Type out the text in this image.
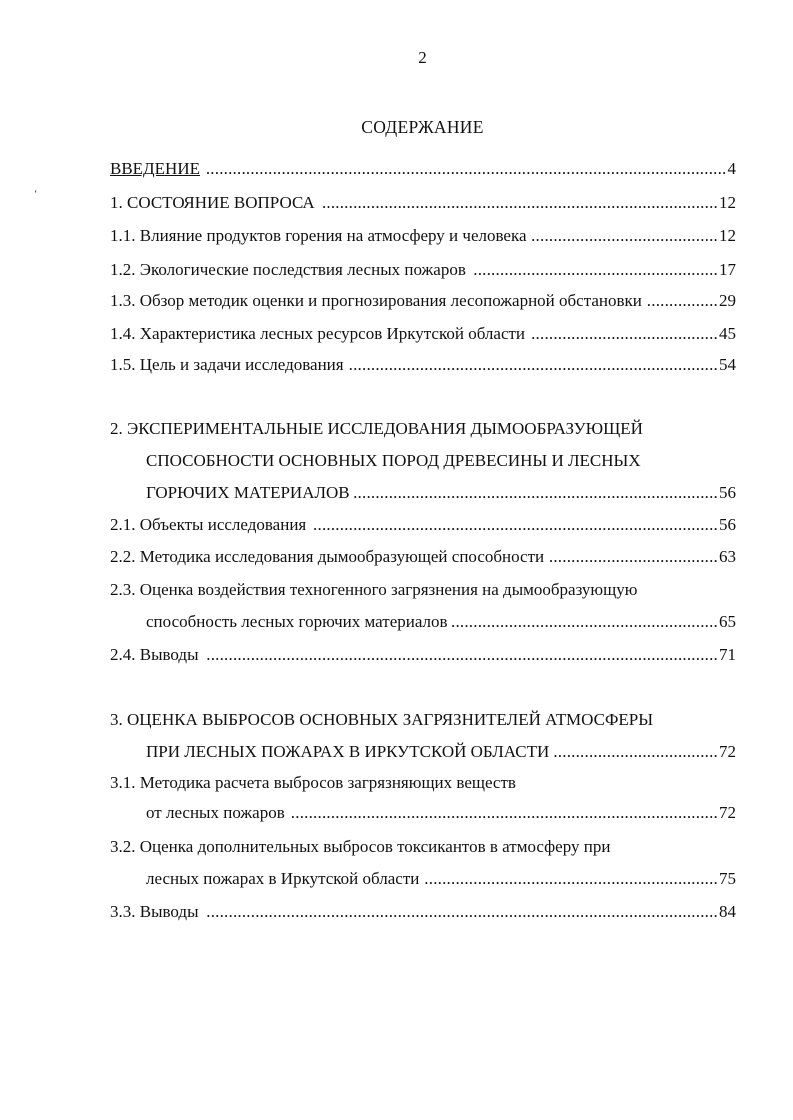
2
СОДЕРЖАНИЕ
‘
ВВЕДЕНИЕ	4
.....................................................................................................................
1. СОСТОЯНИЕ ВОПРОСА	12
.........................................................................................
1.1. Влияние продуктов горения на атмосферу и человека	12
..........................................
1.2. Экологические последствия лесных пожаров	17
.......................................................
1.3. Обзор методик оценки и прогнозирования лесопожарной обстановки	29
................
1.4. Характеристика лесных ресурсов Иркутской области	45
..........................................
1.5. Цель и задачи исследования	54
...................................................................................
2. ЭКСПЕРИМЕНТАЛЬНЫЕ ИССЛЕДОВАНИЯ ДЫМООБРАЗУЮЩЕЙ
СПОСОБНОСТИ ОСНОВНЫХ ПОРОД ДРЕВЕСИНЫ И ЛЕСНЫХ
ГОРЮЧИХ МАТЕРИАЛОВ	56
..................................................................................
2.1. Объекты исследования	56
...........................................................................................
2.2. Методика исследования дымообразующей способности	63
......................................
2.3. Оценка воздействия техногенного загрязнения на дымообразующую
способность лесных горючих материалов	65
............................................................
2.4. Выводы	71
...................................................................................................................
3. ОЦЕНКА ВЫБРОСОВ ОСНОВНЫХ ЗАГРЯЗНИТЕЛЕЙ АТМОСФЕРЫ
ПРИ ЛЕСНЫХ ПОЖАРАХ В ИРКУТСКОЙ ОБЛАСТИ	72
.....................................
3.1. Методика расчета выбросов загрязняющих веществ
от лесных пожаров	72
................................................................................................
3.2. Оценка дополнительных выбросов токсикантов в атмосферу при
лесных пожарах в Иркутской области	75
..................................................................
3.3. Выводы	84
...................................................................................................................
